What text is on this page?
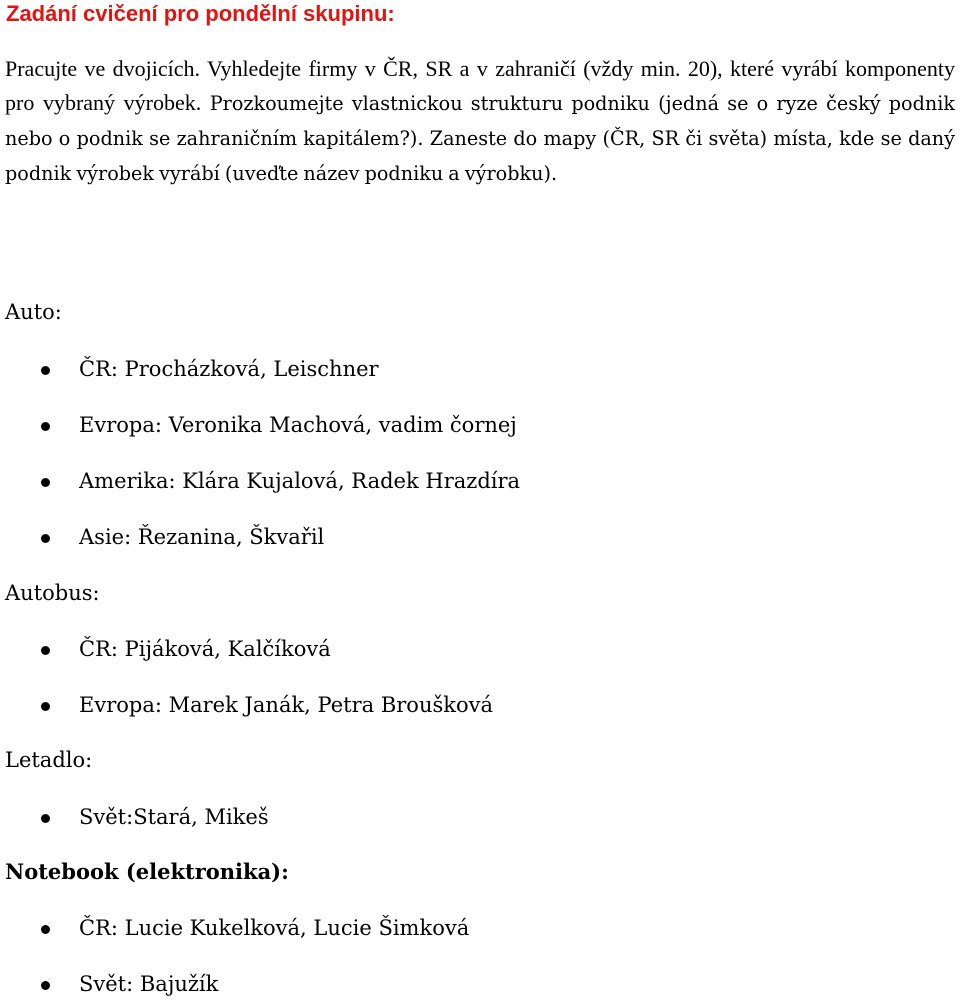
Zadání cvičení pro pondělní skupinu:

Pracujte ve dvojicích. Vyhledejte firmy v ČR, SR a v zahraničí (vždy min. 20), které vyrábí komponenty pro vybraný výrobek. Prozkoumejte vlastnickou strukturu podniku (jedná se o ryze český podnik nebo o podnik se zahraničním kapitálem?). Zaneste do mapy (ČR, SR či světa) místa, kde se daný podnik výrobek vyrábí (uveďte název podniku a výrobku).

Auto:
ČR: Procházková, Leischner
Evropa: Veronika Machová, vadim čornej
Amerika: Klára Kujalová, Radek Hrazdíra
Asie: Řezanina, Škvařil
Autobus:
ČR: Pijáková, Kalčíková
Evropa: Marek Janák, Petra Broušková
Letadlo:
Svět:Stará, Mikeš
Notebook (elektronika):
ČR: Lucie Kukelková, Lucie Šimková
Svět: Bajužík
